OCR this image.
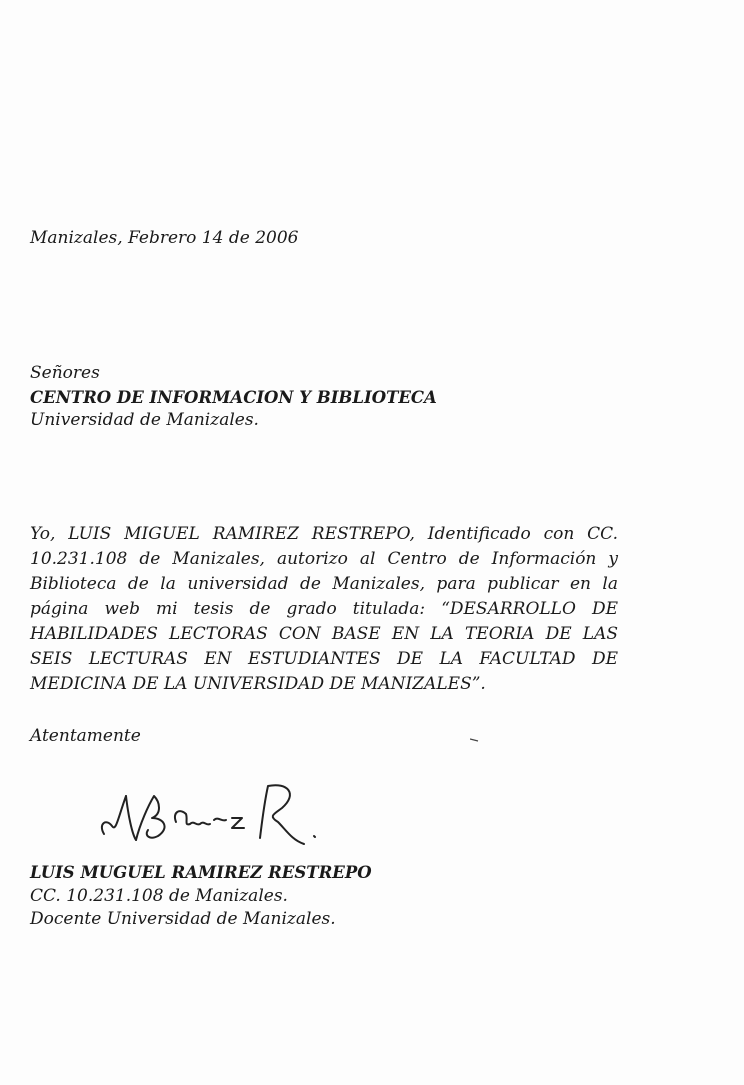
Manizales, Febrero 14 de 2006
Señores
CENTRO DE INFORMACION Y BIBLIOTECA
Universidad de Manizales.
Yo, LUIS MIGUEL RAMIREZ RESTREPO, Identificado con CC. 10.231.108 de Manizales, autorizo al Centro de Información y Biblioteca de la universidad de Manizales, para publicar en la página web mi tesis de grado titulada: “DESARROLLO DE HABILIDADES LECTORAS CON BASE EN LA TEORIA DE LAS SEIS LECTURAS EN ESTUDIANTES DE LA FACULTAD DE MEDICINA DE LA UNIVERSIDAD DE MANIZALES”.
Atentamente
LUIS MUGUEL RAMIREZ RESTREPO
CC. 10.231.108 de Manizales.
Docente Universidad de Manizales.
